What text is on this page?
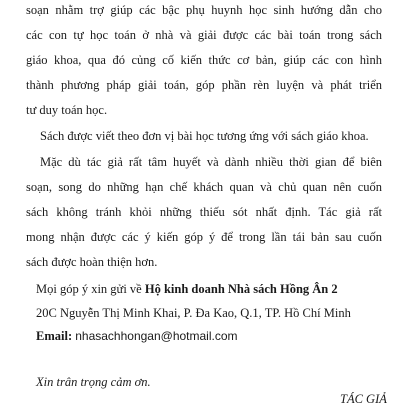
soạn nhằm trợ giúp các bậc phụ huynh học sinh hướng dẫn cho
các con tự học toán ở nhà và giải được các bài toán trong sách
giáo khoa, qua đó củng cố kiến thức cơ bản, giúp các con hình
thành phương pháp giải toán, góp phần rèn luyện và phát triển
tư duy toán học.
Sách được viết theo đơn vị bài học tương ứng với sách giáo khoa.
Mặc dù tác giả rất tâm huyết và dành nhiều thời gian để biên
soạn, song do những hạn chế khách quan và chủ quan nên cuốn
sách không tránh khỏi những thiếu sót nhất định. Tác giả rất
mong nhận được các ý kiến góp ý để trong lần tái bản sau cuốn
sách được hoàn thiện hơn.
Mọi góp ý xin gửi về Hộ kinh doanh Nhà sách Hồng Ân 2
20C Nguyễn Thị Minh Khai, P. Đa Kao, Q.1, TP. Hồ Chí Minh
Email: nhasachhongan@hotmail.com
Xin trân trọng cảm ơn.
TÁC GIẢ
